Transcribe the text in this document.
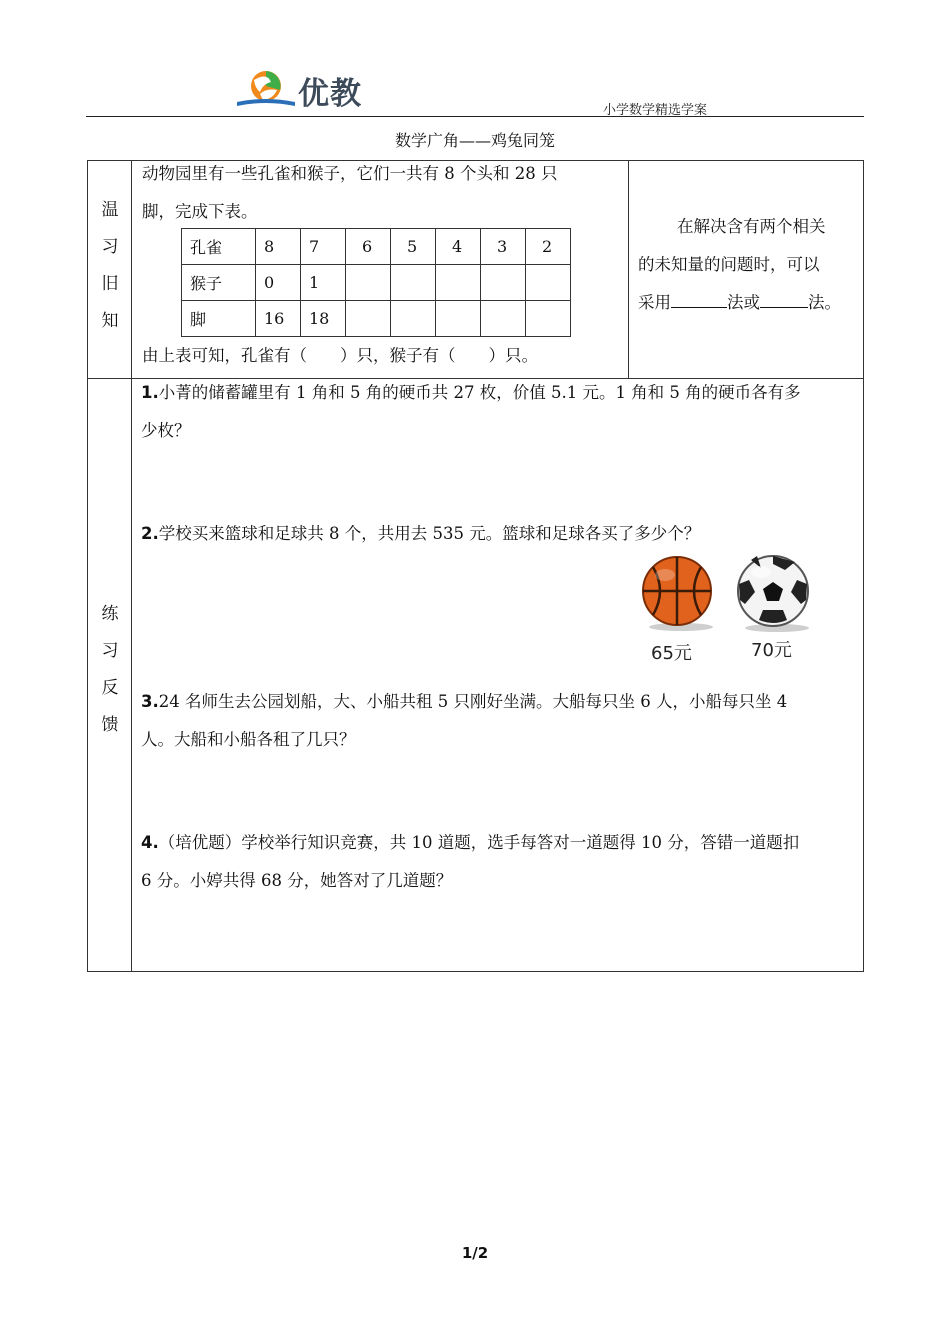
优教	小学数学精选学案
数学广角——鸡兔同笼
温
习
旧
知
动物园里有一些孔雀和猴子，它们一共有 8 个头和 28 只
脚，完成下表。
孔雀	8	7	6	5	4	3	2
猴子	0	1					
脚	16	18					
由上表可知，孔雀有（　　）只，猴子有（　　）只。
在解决含有两个相关
的未知量的问题时，可以
采用	法或	法。
练
习
反
馈
1.小菁的储蓄罐里有 1 角和 5 角的硬币共 27 枚，价值 5.1 元。1 角和 5 角的硬币各有多
少枚？
2.学校买来篮球和足球共 8 个，共用去 535 元。篮球和足球各买了多少个？
65元	70元
3.24 名师生去公园划船，大、小船共租 5 只刚好坐满。大船每只坐 6 人，小船每只坐 4
人。大船和小船各租了几只？
4.（培优题）学校举行知识竞赛，共 10 道题，选手每答对一道题得 10 分，答错一道题扣
6 分。小婷共得 68 分，她答对了几道题？
1/2
